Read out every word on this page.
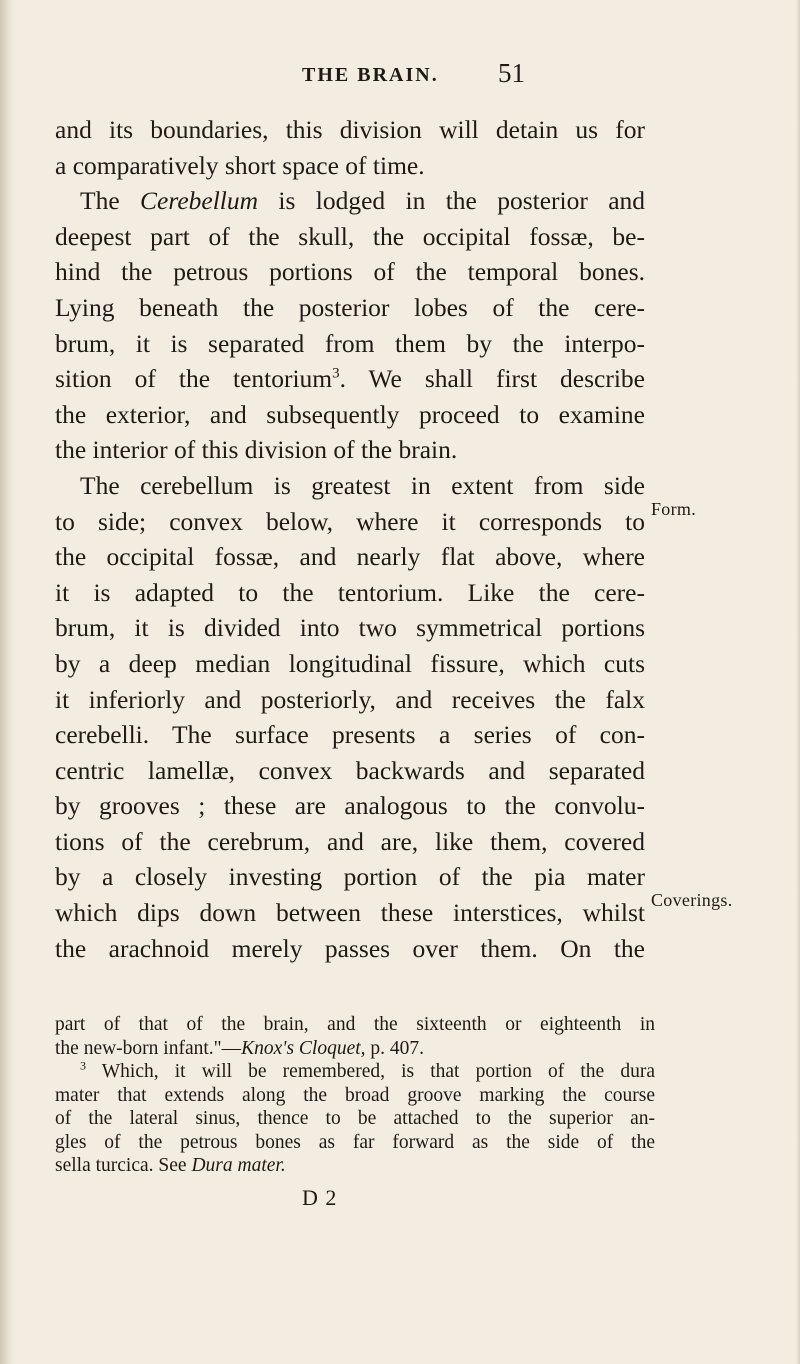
THE BRAIN. 51
and its boundaries, this division will detain us for
a comparatively short space of time.
The Cerebellum is lodged in the posterior and
deepest part of the skull, the occipital fossæ, be-
hind the petrous portions of the temporal bones.
Lying beneath the posterior lobes of the cere-
brum, it is separated from them by the interpo-
sition of the tentorium$^3$. We shall first describe
the exterior, and subsequently proceed to examine
the interior of this division of the brain.
The cerebellum is greatest in extent from side
to side; convex below, where it corresponds to
the occipital fossæ, and nearly flat above, where
it is adapted to the tentorium. Like the cere-
brum, it is divided into two symmetrical portions
by a deep median longitudinal fissure, which cuts
it inferiorly and posteriorly, and receives the falx
cerebelli. The surface presents a series of con-
centric lamellæ, convex backwards and separated
by grooves ; these are analogous to the convolu-
tions of the cerebrum, and are, like them, covered
by a closely investing portion of the pia mater
which dips down between these interstices, whilst
the arachnoid merely passes over them. On the
Form.
Coverings.
part of that of the brain, and the sixteenth or eighteenth in
the new-born infant."—Knox's Cloquet, p. 407.
$^3$ Which, it will be remembered, is that portion of the dura
mater that extends along the broad groove marking the course
of the lateral sinus, thence to be attached to the superior an-
gles of the petrous bones as far forward as the side of the
sella turcica. See Dura mater.
D 2
